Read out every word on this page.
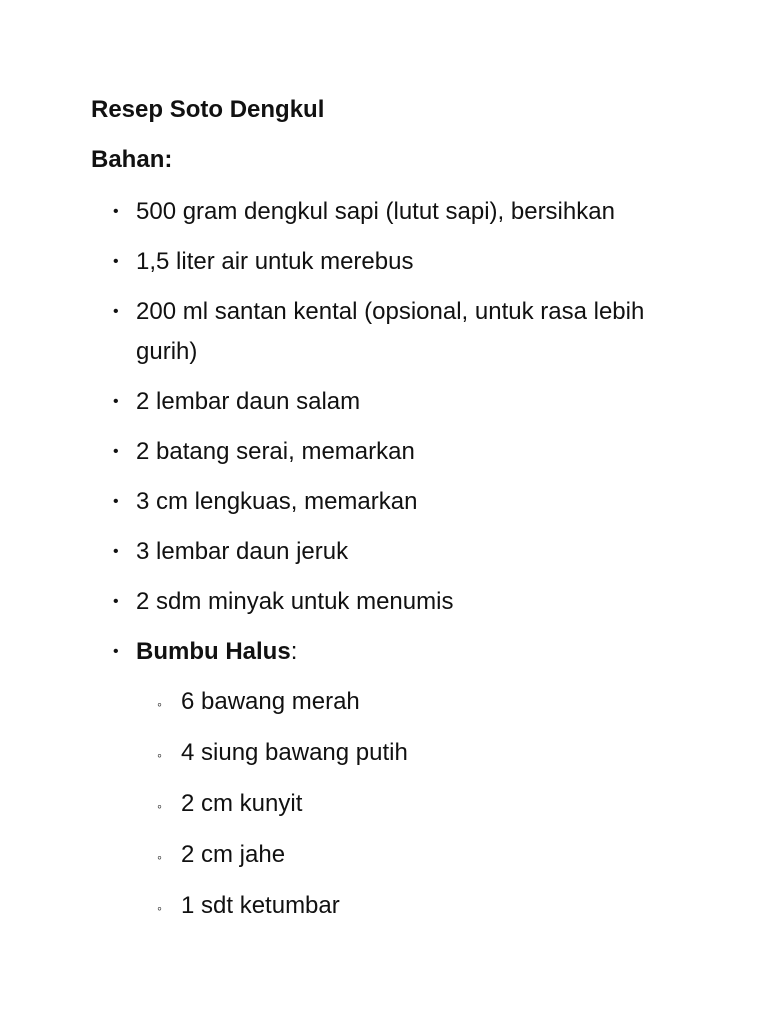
Resep Soto Dengkul
Bahan:
• 500 gram dengkul sapi (lutut sapi), bersihkan
• 1,5 liter air untuk merebus
• 200 ml santan kental (opsional, untuk rasa lebih gurih)
• 2 lembar daun salam
• 2 batang serai, memarkan
• 3 cm lengkuas, memarkan
• 3 lembar daun jeruk
• 2 sdm minyak untuk menumis
• Bumbu Halus:
◦ 6 bawang merah
◦ 4 siung bawang putih
◦ 2 cm kunyit
◦ 2 cm jahe
◦ 1 sdt ketumbar
